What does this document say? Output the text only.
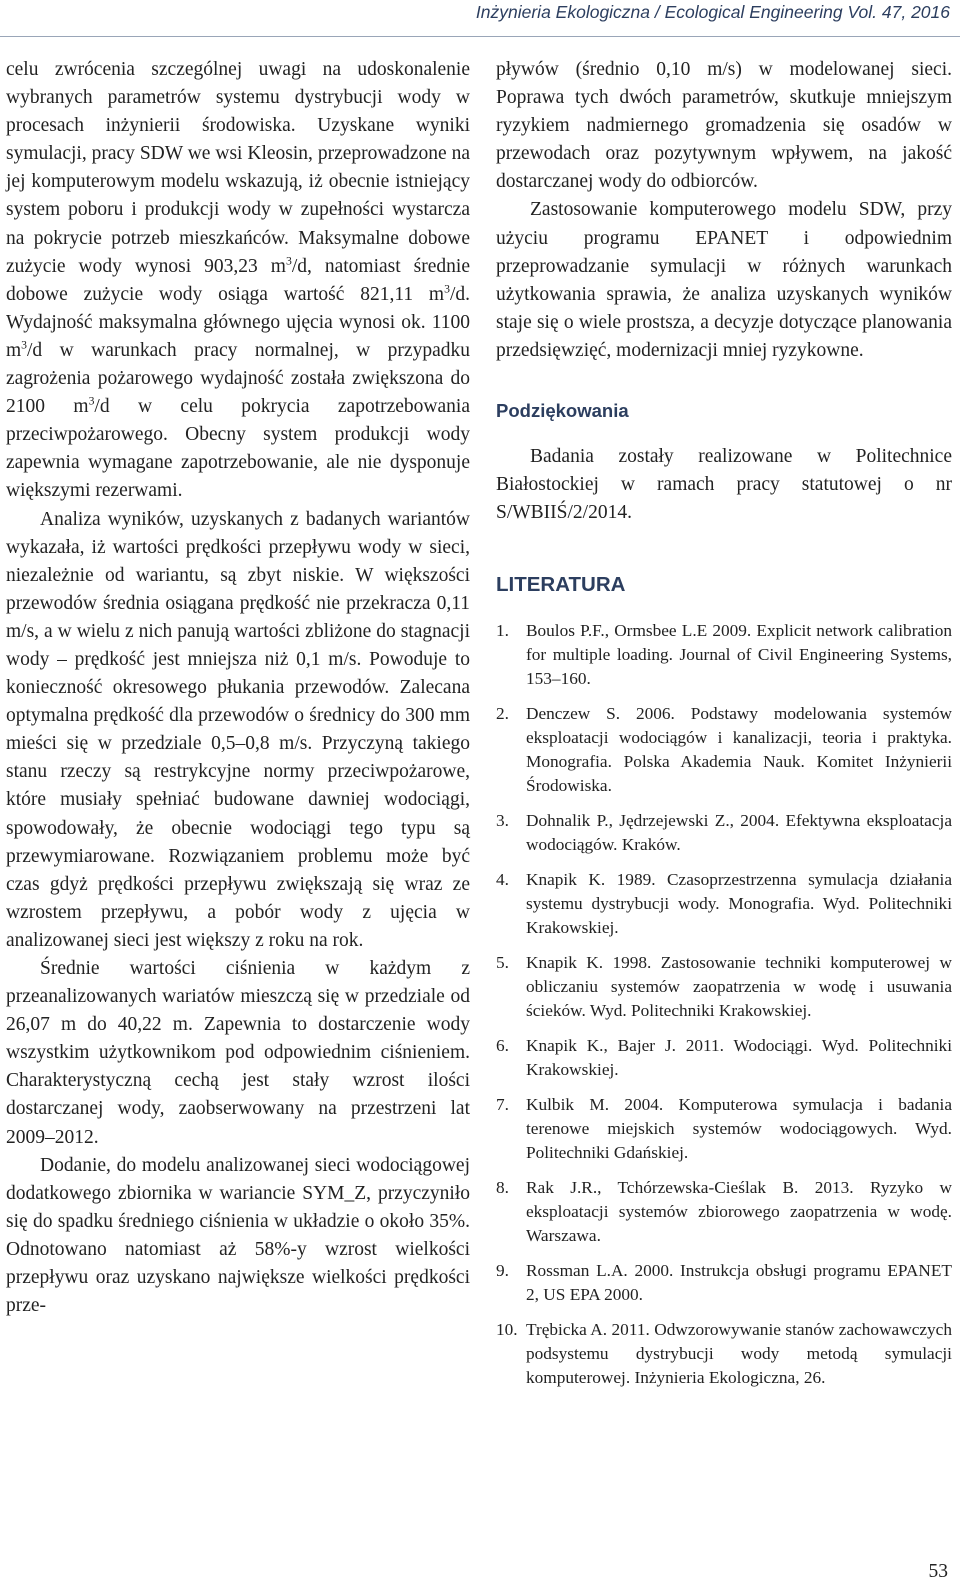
Inżynieria Ekologiczna / Ecological Engineering Vol. 47, 2016

celu zwrócenia szczególnej uwagi na udoskonalenie wybranych parametrów systemu dystrybucji wody w procesach inżynierii środowiska. Uzyskane wyniki symulacji, pracy SDW we wsi Kleosin, przeprowadzone na jej komputerowym modelu wskazują, iż obecnie istniejący system poboru i produkcji wody w zupełności wystarcza na pokrycie potrzeb mieszkańców. Maksymalne dobowe zużycie wody wynosi 903,23 $m^3/d$, natomiast średnie dobowe zużycie wody osiąga wartość 821,11 $m^3/d$. Wydajność maksymalna głównego ujęcia wynosi ok. 1100 $m^3/d$ w warunkach pracy normalnej, w przypadku zagrożenia pożarowego wydajność została zwiększona do 2100 $m^3/d$ w celu pokrycia zapotrzebowania przeciwpożarowego. Obecny system produkcji wody zapewnia wymagane zapotrzebowanie, ale nie dysponuje większymi rezerwami.

Analiza wyników, uzyskanych z badanych wariantów wykazała, iż wartości prędkości przepływu wody w sieci, niezależnie od wariantu, są zbyt niskie. W większości przewodów średnia osiągana prędkość nie przekracza 0,11 m/s, a w wielu z nich panują wartości zbliżone do stagnacji wody – prędkość jest mniejsza niż 0,1 m/s. Powoduje to konieczność okresowego płukania przewodów. Zalecana optymalna prędkość dla przewodów o średnicy do 300 mm mieści się w przedziale 0,5–0,8 m/s. Przyczyną takiego stanu rzeczy są restrykcyjne normy przeciwpożarowe, które musiały spełniać budowane dawniej wodociągi, spowodowały, że obecnie wodociągi tego typu są przewymiarowane. Rozwiązaniem problemu może być czas gdyż prędkości przepływu zwiększają się wraz ze wzrostem przepływu, a pobór wody z ujęcia w analizowanej sieci jest większy z roku na rok.

Średnie wartości ciśnienia w każdym z przeanalizowanych wariatów mieszczą się w przedziale od 26,07 m do 40,22 m. Zapewnia to dostarczenie wody wszystkim użytkownikom pod odpowiednim ciśnieniem. Charakterystyczną cechą jest stały wzrost ilości dostarczanej wody, zaobserwowany na przestrzeni lat 2009–2012.

Dodanie, do modelu analizowanej sieci wodociągowej dodatkowego zbiornika w wariancie SYM_Z, przyczyniło się do spadku średniego ciśnienia w układzie o około 35%. Odnotowano natomiast aż 58%-y wzrost wielkości przepływu oraz uzyskano największe wielkości prędkości prze-

pływów (średnio 0,10 m/s) w modelowanej sieci. Poprawa tych dwóch parametrów, skutkuje mniejszym ryzykiem nadmiernego gromadzenia się osadów w przewodach oraz pozytywnym wpływem, na jakość dostarczanej wody do odbiorców.

Zastosowanie komputerowego modelu SDW, przy użyciu programu EPANET i odpowiednim przeprowadzanie symulacji w różnych warunkach użytkowania sprawia, że analiza uzyskanych wyników staje się o wiele prostsza, a decyzje dotyczące planowania przedsięwzięć, modernizacji mniej ryzykowne.

Podziękowania

Badania zostały realizowane w Politechnice Białostockiej w ramach pracy statutowej o nr S/WBIIŚ/2/2014.

LITERATURA
1. Boulos P.F., Ormsbee L.E 2009. Explicit network calibration for multiple loading. Journal of Civil Engineering Systems, 153–160.
2. Denczew S. 2006. Podstawy modelowania systemów eksploatacji wodociągów i kanalizacji, teoria i praktyka. Monografia. Polska Akademia Nauk. Komitet Inżynierii Środowiska.
3. Dohnalik P., Jędrzejewski Z., 2004. Efektywna eksploatacja wodociągów. Kraków.
4. Knapik K. 1989. Czasoprzestrzenna symulacja działania systemu dystrybucji wody. Monografia. Wyd. Politechniki Krakowskiej.
5. Knapik K. 1998. Zastosowanie techniki komputerowej w obliczaniu systemów zaopatrzenia w wodę i usuwania ścieków. Wyd. Politechniki Krakowskiej.
6. Knapik K., Bajer J. 2011. Wodociągi. Wyd. Politechniki Krakowskiej.
7. Kulbik M. 2004. Komputerowa symulacja i badania terenowe miejskich systemów wodociągowych. Wyd. Politechniki Gdańskiej.
8. Rak J.R., Tchórzewska-Cieślak B. 2013. Ryzyko w eksploatacji systemów zbiorowego zaopatrzenia w wodę. Warszawa.
9. Rossman L.A. 2000. Instrukcja obsługi programu EPANET 2, US EPA 2000.
10. Trębicka A. 2011. Odwzorowywanie stanów zachowawczych podsystemu dystrybucji wody metodą symulacji komputerowej. Inżynieria Ekologiczna, 26.
53
